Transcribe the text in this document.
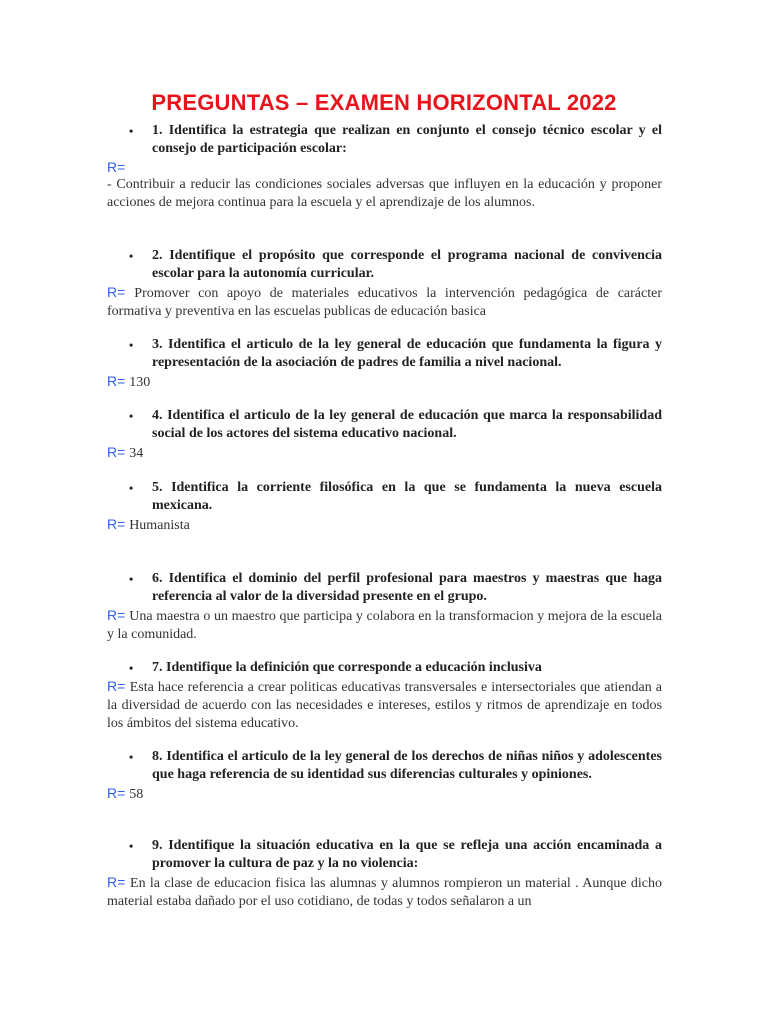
PREGUNTAS – EXAMEN HORIZONTAL 2022
• 1. Identifica la estrategia que realizan en conjunto el consejo técnico escolar y el consejo de participación escolar:
R=
- Contribuir a reducir las condiciones sociales adversas que influyen en la educación y proponer acciones de mejora continua para la escuela y el aprendizaje de los alumnos.
• 2. Identifique el propósito que corresponde el programa nacional de convivencia escolar para la autonomía curricular.
R= Promover con apoyo de materiales educativos la intervención pedagógica de carácter formativa y preventiva en las escuelas publicas de educación basica
• 3. Identifica el articulo de la ley general de educación que fundamenta la figura y representación de la asociación de padres de familia a nivel nacional.
R= 130
• 4. Identifica el articulo de la ley general de educación que marca la responsabilidad social de los actores del sistema educativo nacional.
R= 34
• 5. Identifica la corriente filosófica en la que se fundamenta la nueva escuela mexicana.
R= Humanista
• 6. Identifica el dominio del perfil profesional para maestros y maestras que haga referencia al valor de la diversidad presente en el grupo.
R= Una maestra o un maestro que participa y colabora en la transformacion y mejora de la escuela y la comunidad.
• 7. Identifique la definición que corresponde a educación inclusiva
R= Esta hace referencia a crear politicas educativas transversales e intersectoriales que atiendan a la diversidad de acuerdo con las necesidades e intereses, estilos y ritmos de aprendizaje en todos los ámbitos del sistema educativo.
• 8. Identifica el articulo de la ley general de los derechos de niñas niños y adolescentes que haga referencia de su identidad sus diferencias culturales y opiniones.
R= 58
• 9. Identifique la situación educativa en la que se refleja una acción encaminada a promover la cultura de paz y la no violencia:
R= En la clase de educacion fisica las alumnas y alumnos rompieron un material . Aunque dicho material estaba dañado por el uso cotidiano, de todas y todos señalaron a un
